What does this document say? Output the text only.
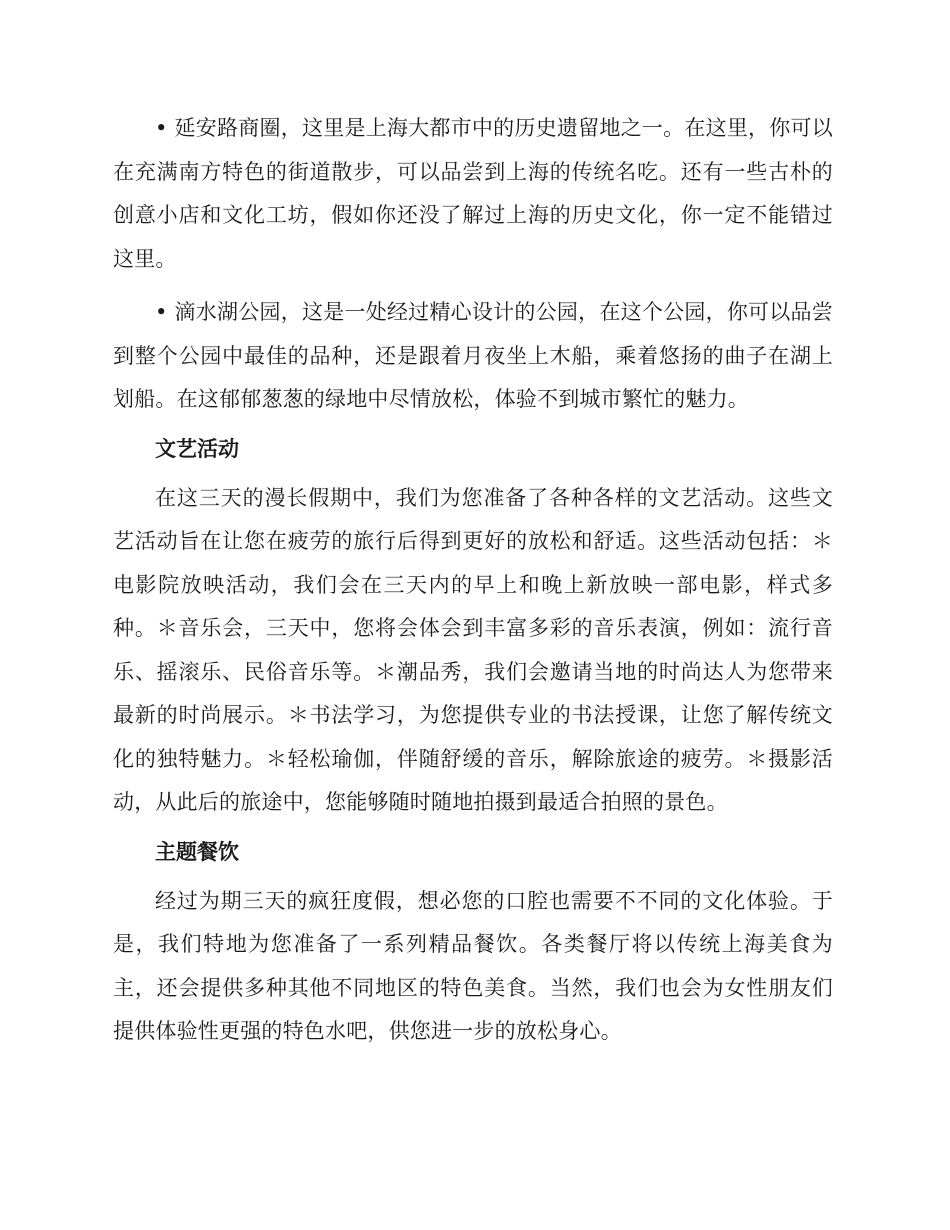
• 延安路商圈，这里是上海大都市中的历史遗留地之一。在这里，你可以在充满南方特色的街道散步，可以品尝到上海的传统名吃。还有一些古朴的创意小店和文化工坊，假如你还没了解过上海的历史文化，你一定不能错过这里。

• 滴水湖公园，这是一处经过精心设计的公园，在这个公园，你可以品尝到整个公园中最佳的品种，还是跟着月夜坐上木船，乘着悠扬的曲子在湖上划船。在这郁郁葱葱的绿地中尽情放松，体验不到城市繁忙的魅力。

文艺活动

在这三天的漫长假期中，我们为您准备了各种各样的文艺活动。这些文艺活动旨在让您在疲劳的旅行后得到更好的放松和舒适。这些活动包括：＊电影院放映活动，我们会在三天内的早上和晚上新放映一部电影，样式多种。＊音乐会，三天中，您将会体会到丰富多彩的音乐表演，例如：流行音乐、摇滚乐、民俗音乐等。＊潮品秀，我们会邀请当地的时尚达人为您带来最新的时尚展示。＊书法学习，为您提供专业的书法授课，让您了解传统文化的独特魅力。＊轻松瑜伽，伴随舒缓的音乐，解除旅途的疲劳。＊摄影活动，从此后的旅途中，您能够随时随地拍摄到最适合拍照的景色。

主题餐饮

经过为期三天的疯狂度假，想必您的口腔也需要不不同的文化体验。于是，我们特地为您准备了一系列精品餐饮。各类餐厅将以传统上海美食为主，还会提供多种其他不同地区的特色美食。当然，我们也会为女性朋友们提供体验性更强的特色水吧，供您进一步的放松身心。
